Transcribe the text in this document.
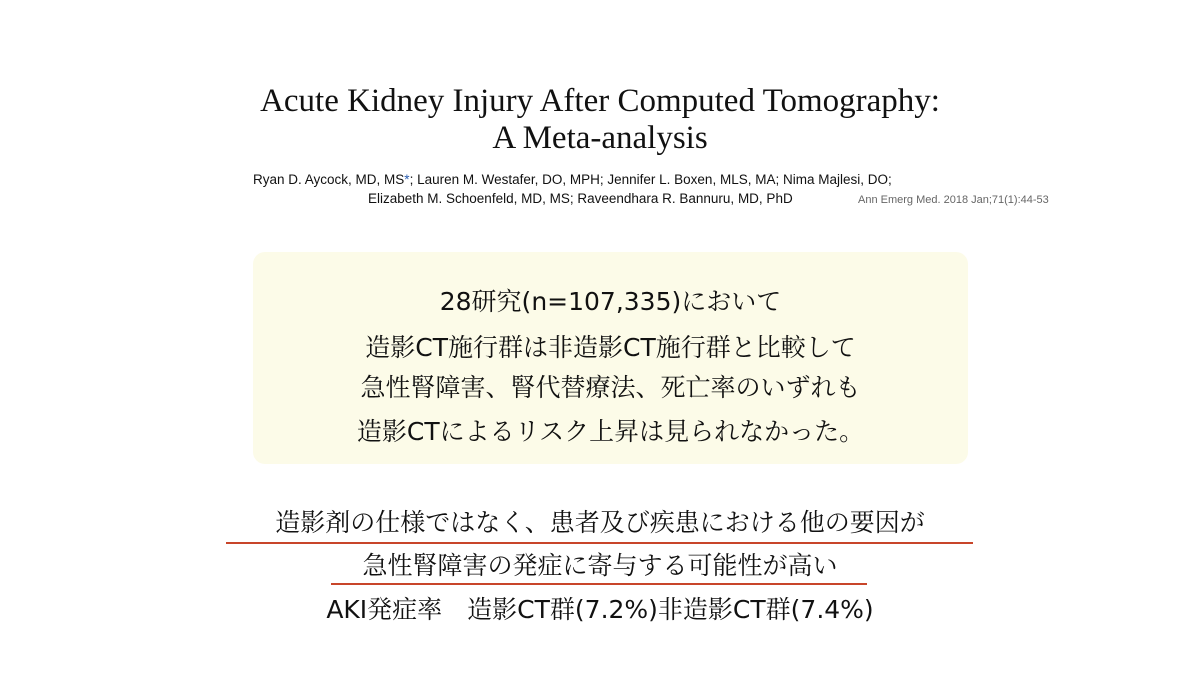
Acute Kidney Injury After Computed Tomography:
A Meta-analysis
Ryan D. Aycock, MD, MS*; Lauren M. Westafer, DO, MPH; Jennifer L. Boxen, MLS, MA; Nima Majlesi, DO;
Elizabeth M. Schoenfeld, MD, MS; Raveendhara R. Bannuru, MD, PhD	Ann Emerg Med. 2018 Jan;71(1):44-53
28研究(n=107,335)において
造影CT施行群は非造影CT施行群と比較して
急性腎障害、腎代替療法、死亡率のいずれも
造影CTによるリスク上昇は見られなかった。
造影剤の仕様ではなく、患者及び疾患における他の要因が
急性腎障害の発症に寄与する可能性が高い
AKI発症率　造影CT群(7.2%)非造影CT群(7.4%)
